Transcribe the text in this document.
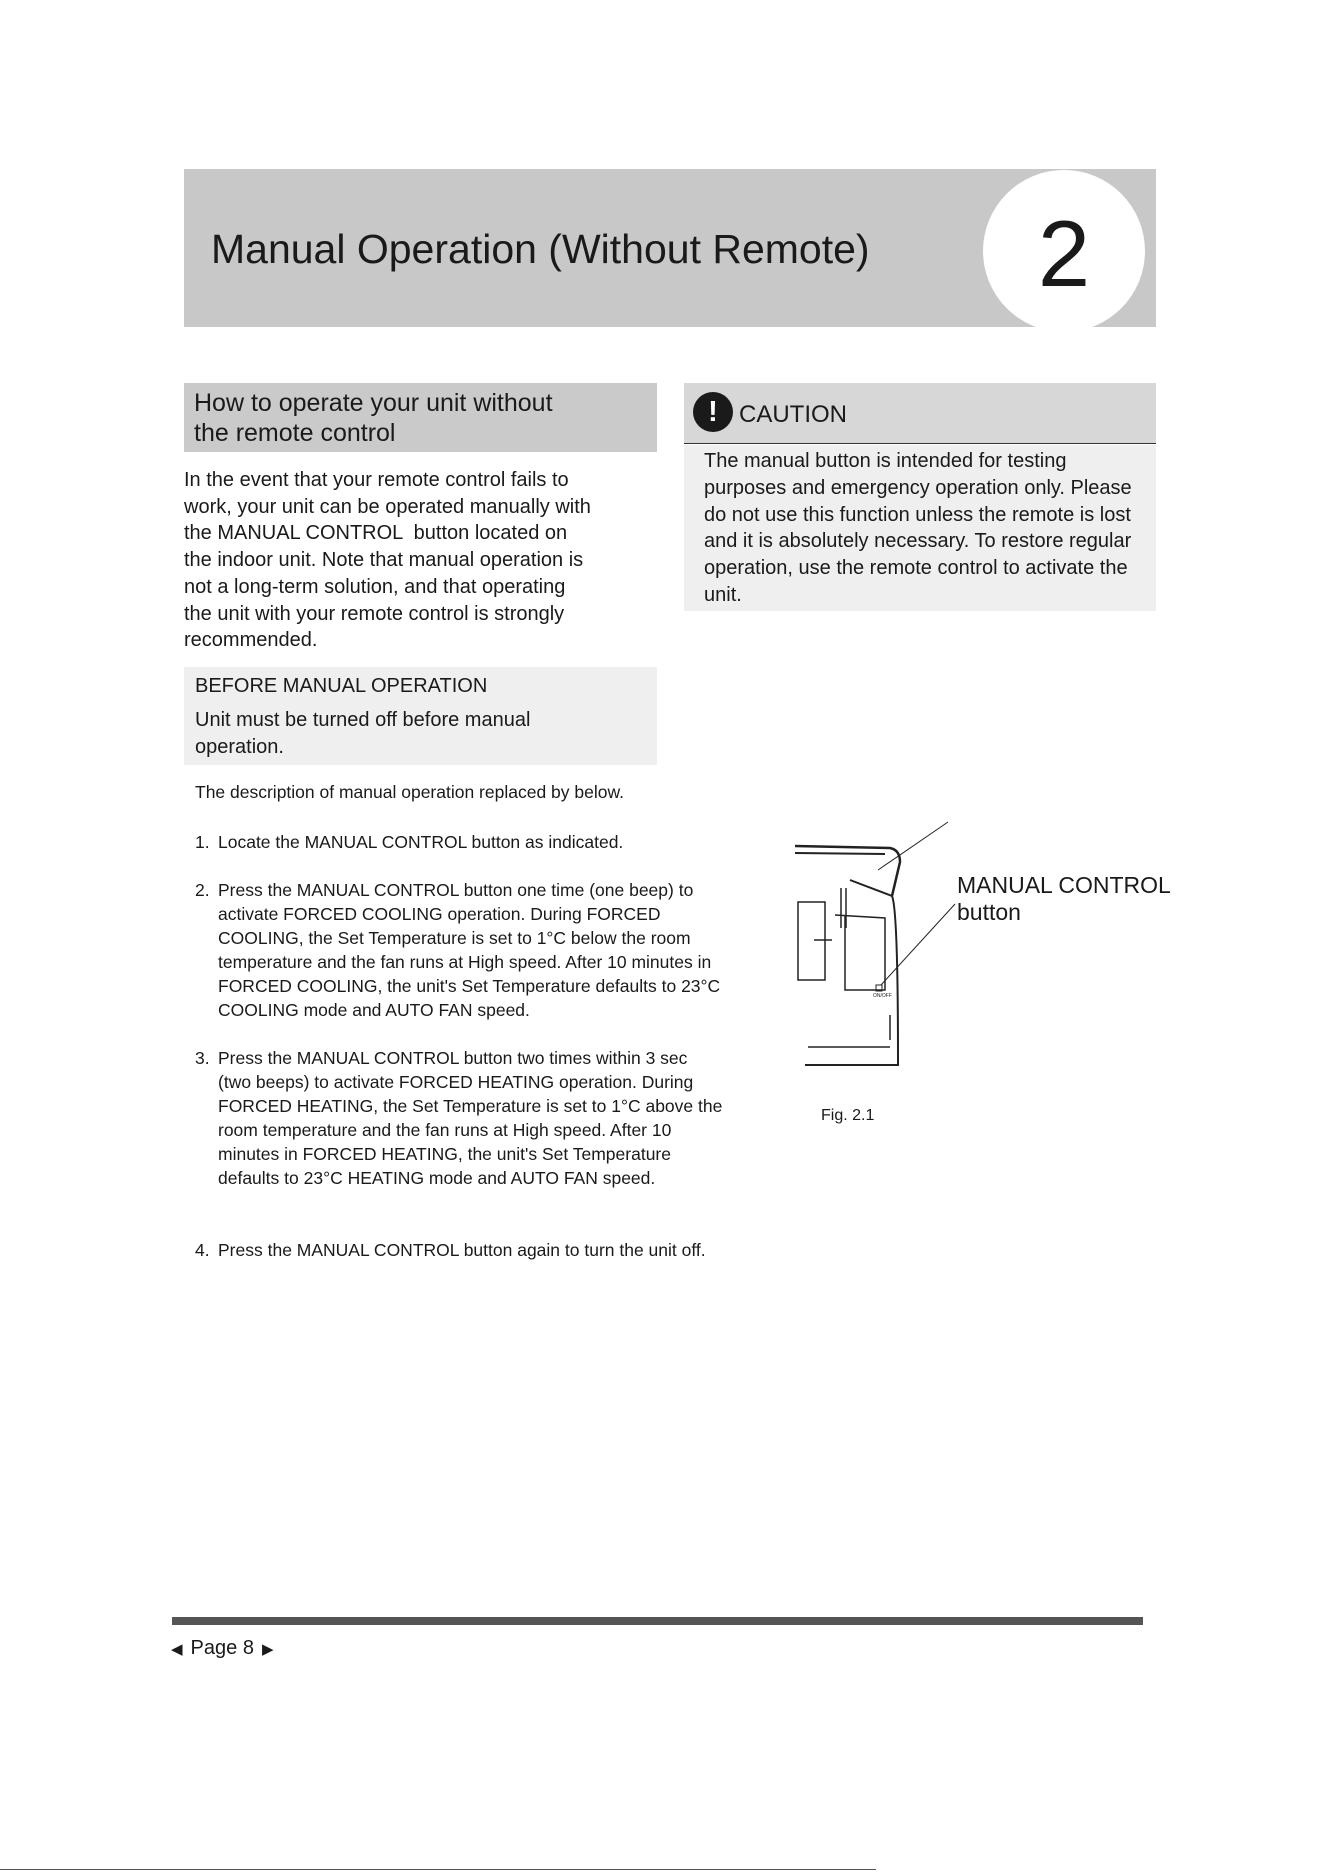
Manual Operation (Without Remote) 2
How to operate your unit without
the remote control
In the event that your remote control fails to
work, your unit can be operated manually with
the MANUAL CONTROL  button located on
the indoor unit. Note that manual operation is
not a long-term solution, and that operating
the unit with your remote control is strongly
recommended.
BEFORE MANUAL OPERATION
Unit must be turned off before manual operation.
The description of manual operation replaced by below.
1. Locate the MANUAL CONTROL button as indicated.
2. Press the MANUAL CONTROL button one time (one beep) to activate FORCED COOLING operation. During FORCED COOLING, the Set Temperature is set to 1°C below the room temperature and the fan runs at High speed. After 10 minutes in FORCED COOLING, the unit's Set Temperature defaults to 23°C COOLING mode and AUTO FAN speed.
3. Press the MANUAL CONTROL button two times within 3 sec (two beeps) to activate FORCED HEATING operation. During FORCED HEATING, the Set Temperature is set to 1°C above the room temperature and the fan runs at High speed. After 10 minutes in FORCED HEATING, the unit's Set Temperature defaults to 23°C HEATING mode and AUTO FAN speed.
4. Press the MANUAL CONTROL button again to turn the unit off.
! CAUTION
The manual button is intended for testing purposes and emergency operation only. Please do not use this function unless the remote is lost and it is absolutely necessary. To restore regular operation, use the remote control to activate the unit.
ON/OFF
MANUAL CONTROL
button
Fig. 2.1
◀ Page 8 ▶
